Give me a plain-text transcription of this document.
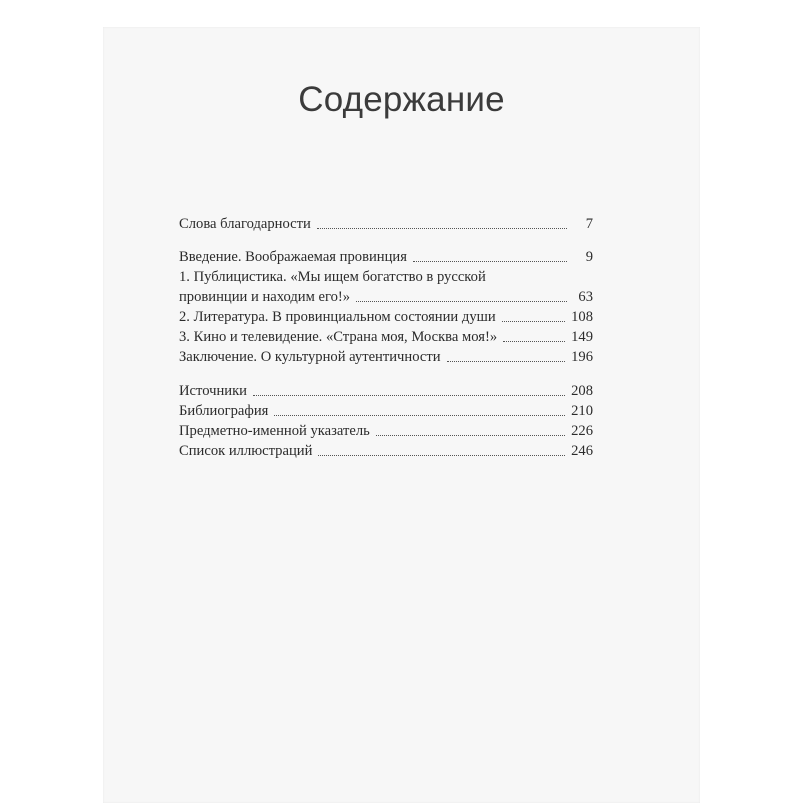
Содержание
Слова благодарности	7
Введение. Воображаемая провинция	9
1. Публицистика. «Мы ищем богатство в русской
провинции и находим его!»	63
2. Литература. В провинциальном состоянии души	108
3. Кино и телевидение. «Страна моя, Москва моя!»	149
Заключение. О культурной аутентичности	196
Источники	208
Библиография	210
Предметно-именной указатель	226
Список иллюстраций	246
